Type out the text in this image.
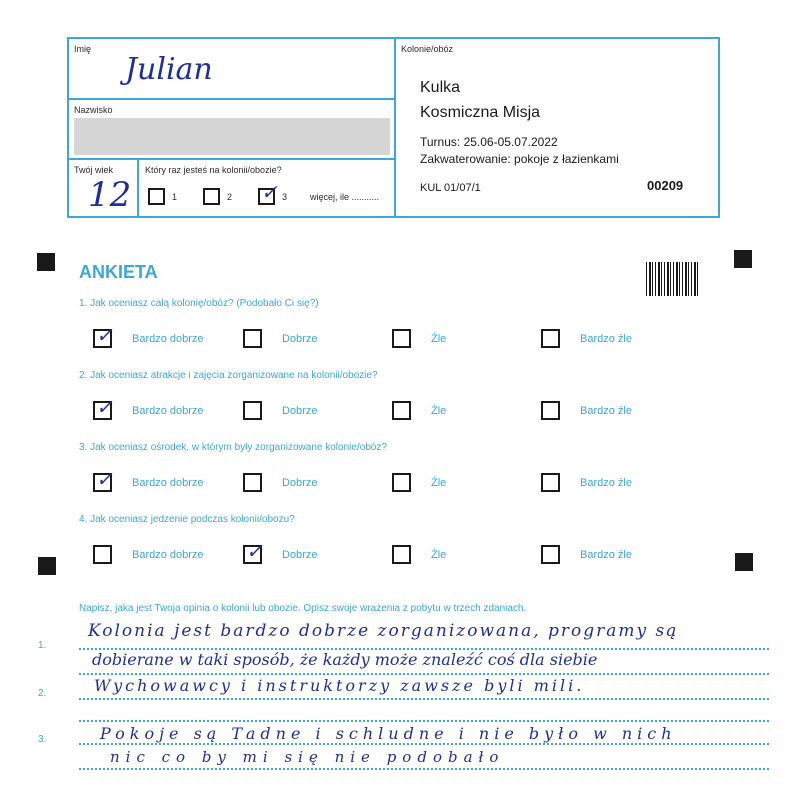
Imię
Julian
Nazwisko
Twój wiek
12
Który raz jesteś na kolonii/obozie?
1	2 ✓ 3	więcej, ile ...........
Kolonie/obóz
Kulka
Kosmiczna Misja
Turnus: 25.06-05.07.2022
Zakwaterowanie: pokoje z łazienkami
KUL 01/07/1	00209
ANKIETA
1. Jak oceniasz całą kolonię/obóz? (Podobało Ci się?)
2. Jak oceniasz atrakcje i zajęcia zorganizowane na kolonii/obozie?
3. Jak oceniasz ośrodek, w którym były zorganizowane kolonie/obóz?
4. Jak oceniasz jedzenie podczas kolonii/obozu?
✓ Bardzo dobrze	Dobrze	Źle	Bardzo źle
✓ Bardzo dobrze	Dobrze	Źle	Bardzo źle
✓ Bardzo dobrze	Dobrze	Źle	Bardzo źle
Bardzo dobrze ✓ Dobrze	Źle	Bardzo źle
Napisz, jaka jest Twoja opinia o kolonii lub obozie. Opisz swoje wrażenia z pobytu w trzech zdaniach.
1.
2.
3.
Kolonia jest bardzo dobrze zorganizowana, programy są
dobierane w taki sposób, że każdy może znaleźć coś dla siebie
Wychowawcy i instruktorzy zawsze byli mili.
Pokoje są Tadne i schludne i nie było w nich
nic co by mi się nie podobało
